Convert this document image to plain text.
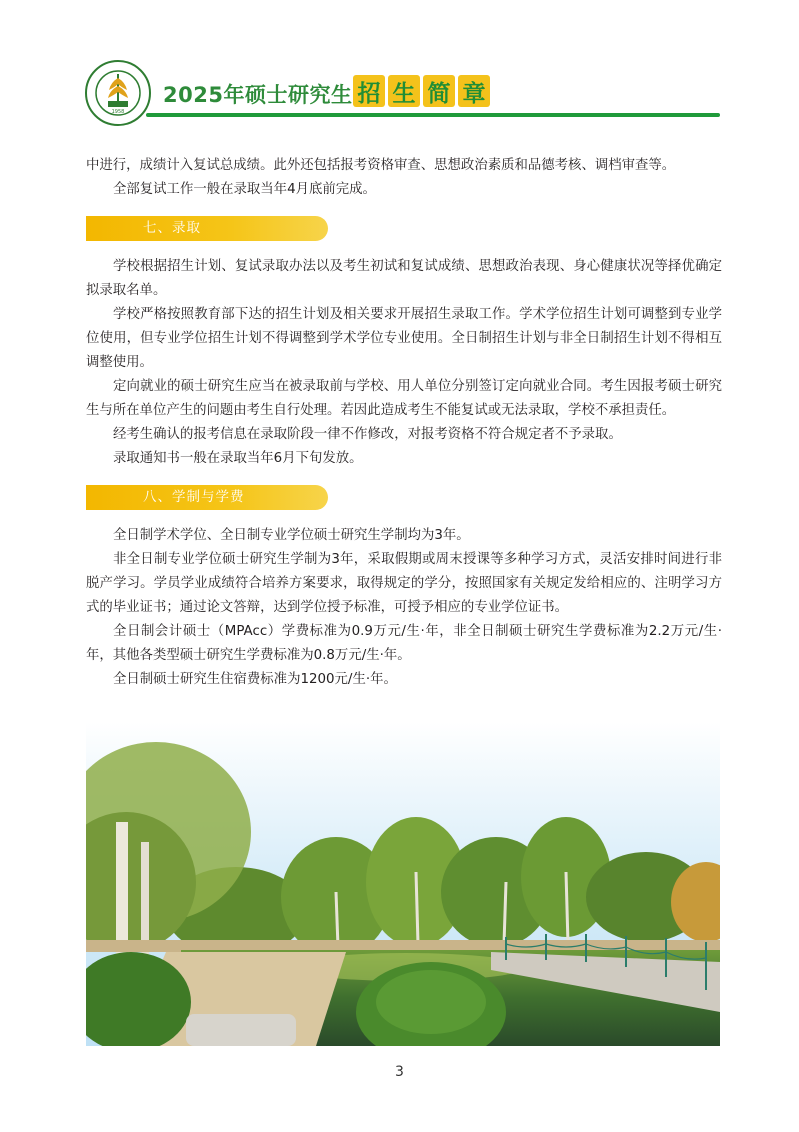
1958
2025年硕士研究生 招 生 简 章

中进行，成绩计入复试总成绩。此外还包括报考资格审查、思想政治素质和品德考核、调档审查等。

全部复试工作一般在录取当年4月底前完成。

七、录取

学校根据招生计划、复试录取办法以及考生初试和复试成绩、思想政治表现、身心健康状况等择优确定拟录取名单。

学校严格按照教育部下达的招生计划及相关要求开展招生录取工作。学术学位招生计划可调整到专业学位使用，但专业学位招生计划不得调整到学术学位专业使用。全日制招生计划与非全日制招生计划不得相互调整使用。

定向就业的硕士研究生应当在被录取前与学校、用人单位分别签订定向就业合同。考生因报考硕士研究生与所在单位产生的问题由考生自行处理。若因此造成考生不能复试或无法录取，学校不承担责任。

经考生确认的报考信息在录取阶段一律不作修改，对报考资格不符合规定者不予录取。

录取通知书一般在录取当年6月下旬发放。

八、学制与学费

全日制学术学位、全日制专业学位硕士研究生学制均为3年。

非全日制专业学位硕士研究生学制为3年，采取假期或周末授课等多种学习方式，灵活安排时间进行非脱产学习。学员学业成绩符合培养方案要求，取得规定的学分，按照国家有关规定发给相应的、注明学习方式的毕业证书；通过论文答辩，达到学位授予标准，可授予相应的专业学位证书。

全日制会计硕士（MPAcc）学费标准为0.9万元/生·年，非全日制硕士研究生学费标准为2.2万元/生·年，其他各类型硕士研究生学费标准为0.8万元/生·年。

全日制硕士研究生住宿费标准为1200元/生·年。

3
